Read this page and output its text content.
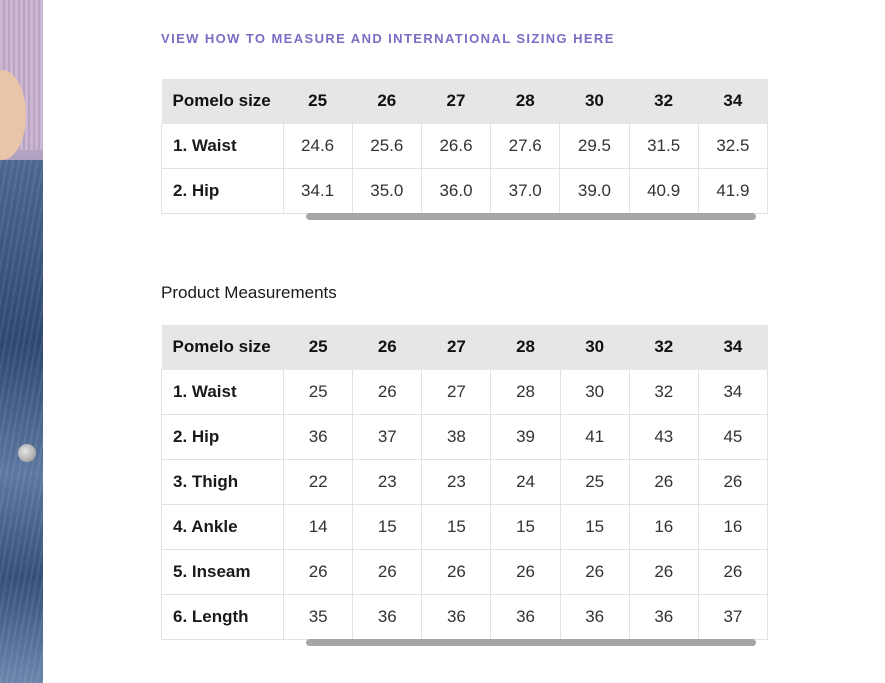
VIEW HOW TO MEASURE AND INTERNATIONAL SIZING HERE
Pomelo size	25	26	27	28	30	32	34
1. Waist	24.6	25.6	26.6	27.6	29.5	31.5	32.5
2. Hip	34.1	35.0	36.0	37.0	39.0	40.9	41.9
Product Measurements
Pomelo size	25	26	27	28	30	32	34
1. Waist	25	26	27	28	30	32	34
2. Hip	36	37	38	39	41	43	45
3. Thigh	22	23	23	24	25	26	26
4. Ankle	14	15	15	15	15	16	16
5. Inseam	26	26	26	26	26	26	26
6. Length	35	36	36	36	36	36	37
